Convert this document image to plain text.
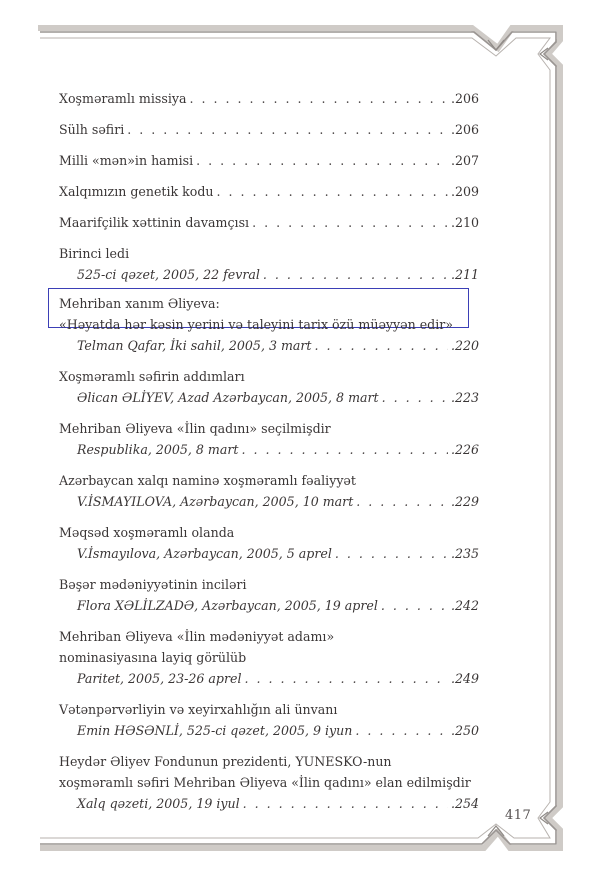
Xoşməramlı missiya . . .	.206
Sülh səfiri . . .	.206
Milli «mən»in hamisi . . .	.207
Xalqımızın genetik kodu . . .	.209
Maarifçilik xəttinin davamçısı . . .	.210
Birinci ledi
525-ci qəzet, 2005, 22 fevral . . .	.211
Mehriban xanım Əliyeva:
«Həyatda hər kəsin yerini və taleyini tarix özü müəyyən edir»
Telman Qafar, İki sahil, 2005, 3 mart . . .	.220
Xoşməramlı səfirin addımları
Əlican ƏLİYEV, Azad Azərbaycan, 2005, 8 mart . . .	.223
Mehriban Əliyeva «İlin qadını» seçilmişdir
Respublika, 2005, 8 mart . . .	.226
Azərbaycan xalqı naminə xoşməramlı fəaliyyət
V.İSMAYILOVA, Azərbaycan, 2005, 10 mart . . .	.229
Məqsəd xoşməramlı olanda
V.İsmayılova, Azərbaycan, 2005, 5 aprel . . .	.235
Bəşər mədəniyyətinin inciləri
Flora XƏLİLZADƏ, Azərbaycan, 2005, 19 aprel . . .	.242
Mehriban Əliyeva «İlin mədəniyyət adamı»
nominasiyasına layiq görülüb
Paritet, 2005, 23-26 aprel . . .	.249
Vətənpərvərliyin və xeyirxahlığın ali ünvanı
Emin HƏSƏNLİ, 525-ci qəzet, 2005, 9 iyun . . .	.250
Heydər Əliyev Fondunun prezidenti, YUNESKO-nun
xoşməramlı səfiri Mehriban Əliyeva «İlin qadını» elan edilmişdir
Xalq qəzeti, 2005, 19 iyul . . .	.254
417
